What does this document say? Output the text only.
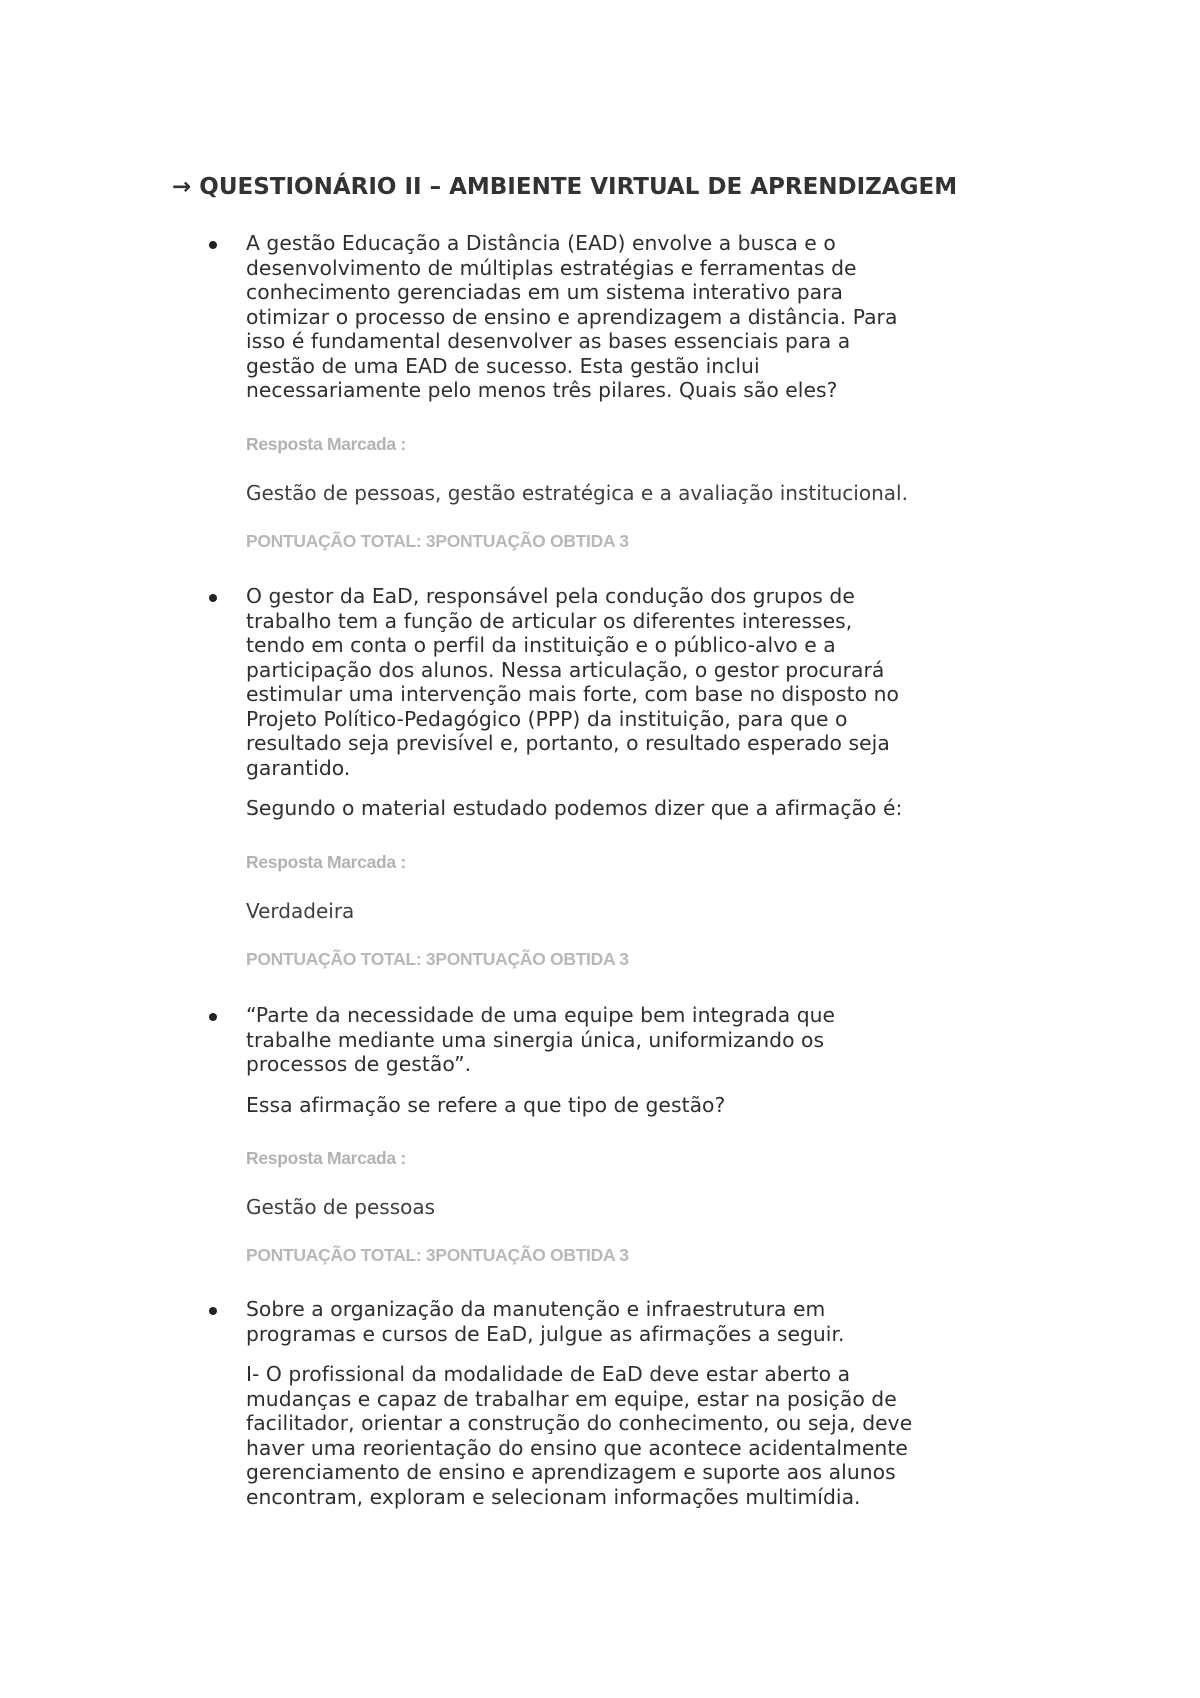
→ QUESTIONÁRIO II – AMBIENTE VIRTUAL DE APRENDIZAGEM

A gestão Educação a Distância (EAD) envolve a busca e o
desenvolvimento de múltiplas estratégias e ferramentas de
conhecimento gerenciadas em um sistema interativo para
otimizar o processo de ensino e aprendizagem a distância. Para
isso é fundamental desenvolver as bases essenciais para a
gestão de uma EAD de sucesso. Esta gestão inclui
necessariamente pelo menos três pilares. Quais são eles?

Resposta Marcada :

Gestão de pessoas, gestão estratégica e a avaliação institucional.

PONTUAÇÃO TOTAL: 3PONTUAÇÃO OBTIDA 3

O gestor da EaD, responsável pela condução dos grupos de
trabalho tem a função de articular os diferentes interesses,
tendo em conta o perfil da instituição e o público-alvo e a
participação dos alunos. Nessa articulação, o gestor procurará
estimular uma intervenção mais forte, com base no disposto no
Projeto Político-Pedagógico (PPP) da instituição, para que o
resultado seja previsível e, portanto, o resultado esperado seja
garantido.

Segundo o material estudado podemos dizer que a afirmação é:

Resposta Marcada :

Verdadeira

PONTUAÇÃO TOTAL: 3PONTUAÇÃO OBTIDA 3

“Parte da necessidade de uma equipe bem integrada que
trabalhe mediante uma sinergia única, uniformizando os
processos de gestão”.

Essa afirmação se refere a que tipo de gestão?

Resposta Marcada :

Gestão de pessoas

PONTUAÇÃO TOTAL: 3PONTUAÇÃO OBTIDA 3

Sobre a organização da manutenção e infraestrutura em
programas e cursos de EaD, julgue as afirmações a seguir.

I- O profissional da modalidade de EaD deve estar aberto a
mudanças e capaz de trabalhar em equipe, estar na posição de
facilitador, orientar a construção do conhecimento, ou seja, deve
haver uma reorientação do ensino que acontece acidentalmente
gerenciamento de ensino e aprendizagem e suporte aos alunos
encontram, exploram e selecionam informações multimídia.
